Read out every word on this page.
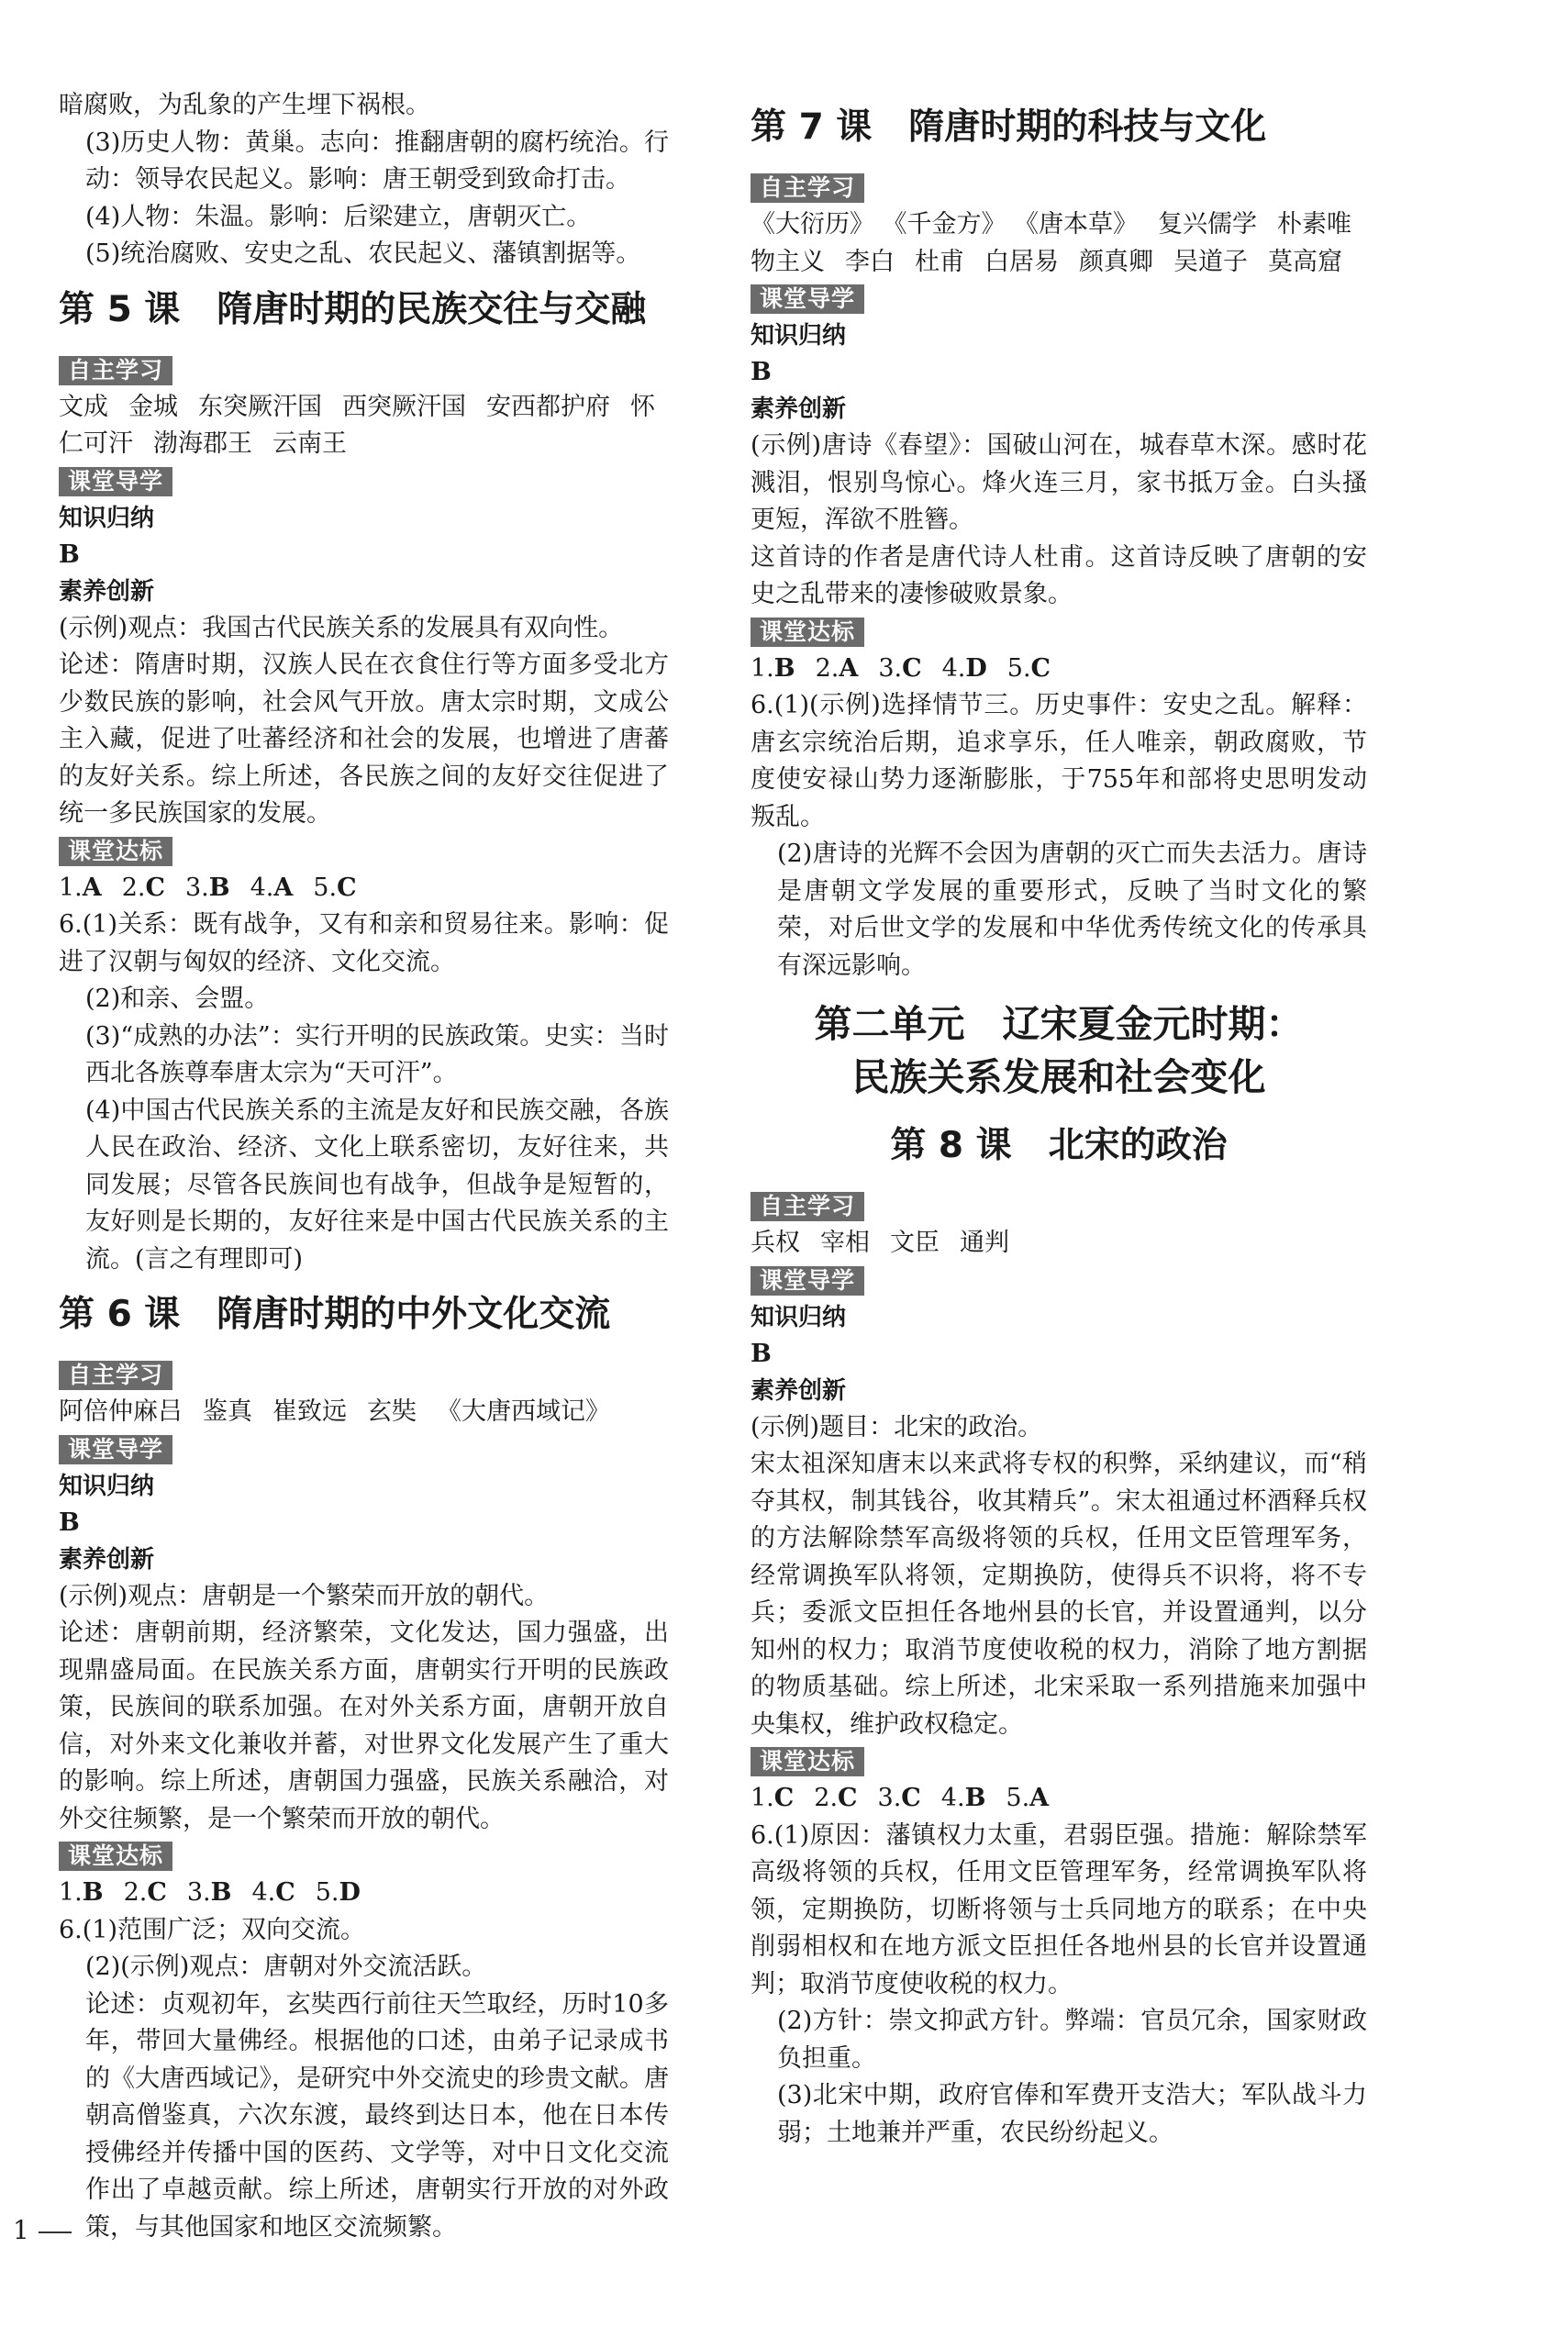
暗腐败，为乱象的产生埋下祸根。

(3)历史人物：黄巢。志向：推翻唐朝的腐朽统治。行动：领导农民起义。影响：唐王朝受到致命打击。

(4)人物：朱温。影响：后梁建立，唐朝灭亡。

(5)统治腐败、安史之乱、农民起义、藩镇割据等。

第 5 课 隋唐时期的民族交往与交融
自主学习
文成 金城 东突厥汗国 西突厥汗国 安西都护府 怀仁可汗 渤海郡王 云南王
课堂导学
知识归纳
B
素养创新

(示例)观点：我国古代民族关系的发展具有双向性。

论述：隋唐时期，汉族人民在衣食住行等方面多受北方少数民族的影响，社会风气开放。唐太宗时期，文成公主入藏，促进了吐蕃经济和社会的发展，也增进了唐蕃的友好关系。综上所述，各民族之间的友好交往促进了统一多民族国家的发展。

课堂达标
1.A 2.C 3.B 4.A 5.C

6.(1)关系：既有战争，又有和亲和贸易往来。影响：促进了汉朝与匈奴的经济、文化交流。

(2)和亲、会盟。

(3)“成熟的办法”：实行开明的民族政策。史实：当时西北各族尊奉唐太宗为“天可汗”。

(4)中国古代民族关系的主流是友好和民族交融，各族人民在政治、经济、文化上联系密切，友好往来，共同发展；尽管各民族间也有战争，但战争是短暂的，友好则是长期的，友好往来是中国古代民族关系的主流。(言之有理即可)

第 6 课 隋唐时期的中外文化交流
自主学习
阿倍仲麻吕 鉴真 崔致远 玄奘 《大唐西域记》
课堂导学
知识归纳
B
素养创新

(示例)观点：唐朝是一个繁荣而开放的朝代。

论述：唐朝前期，经济繁荣，文化发达，国力强盛，出现鼎盛局面。在民族关系方面，唐朝实行开明的民族政策，民族间的联系加强。在对外关系方面，唐朝开放自信，对外来文化兼收并蓄，对世界文化发展产生了重大的影响。综上所述，唐朝国力强盛，民族关系融洽，对外交往频繁，是一个繁荣而开放的朝代。

课堂达标
1.B 2.C 3.B 4.C 5.D

6.(1)范围广泛；双向交流。

(2)(示例)观点：唐朝对外交流活跃。

论述：贞观初年，玄奘西行前往天竺取经，历时10多年，带回大量佛经。根据他的口述，由弟子记录成书的《大唐西域记》，是研究中外交流史的珍贵文献。唐朝高僧鉴真，六次东渡，最终到达日本，他在日本传授佛经并传播中国的医药、文学等，对中日文化交流作出了卓越贡献。综上所述，唐朝实行开放的对外政策，与其他国家和地区交流频繁。

第 7 课 隋唐时期的科技与文化
自主学习
《大衍历》 《千金方》 《唐本草》 复兴儒学 朴素唯物主义 李白 杜甫 白居易 颜真卿 吴道子 莫高窟
课堂导学
知识归纳
B
素养创新

(示例)唐诗《春望》：国破山河在，城春草木深。感时花溅泪，恨别鸟惊心。烽火连三月，家书抵万金。白头搔更短，浑欲不胜簪。

这首诗的作者是唐代诗人杜甫。这首诗反映了唐朝的安史之乱带来的凄惨破败景象。

课堂达标
1.B 2.A 3.C 4.D 5.C

6.(1)(示例)选择情节三。历史事件：安史之乱。解释：唐玄宗统治后期，追求享乐，任人唯亲，朝政腐败，节度使安禄山势力逐渐膨胀，于755年和部将史思明发动叛乱。

(2)唐诗的光辉不会因为唐朝的灭亡而失去活力。唐诗是唐朝文学发展的重要形式，反映了当时文化的繁荣，对后世文学的发展和中华优秀传统文化的传承具有深远影响。

第二单元　辽宋夏金元时期：
民族关系发展和社会变化
第 8 课 北宋的政治
自主学习
兵权 宰相 文臣 通判
课堂导学
知识归纳
B
素养创新

(示例)题目：北宋的政治。

宋太祖深知唐末以来武将专权的积弊，采纳建议，而“稍夺其权，制其钱谷，收其精兵”。宋太祖通过杯酒释兵权的方法解除禁军高级将领的兵权，任用文臣管理军务，经常调换军队将领，定期换防，使得兵不识将，将不专兵；委派文臣担任各地州县的长官，并设置通判，以分知州的权力；取消节度使收税的权力，消除了地方割据的物质基础。综上所述，北宋采取一系列措施来加强中央集权，维护政权稳定。

课堂达标
1.C 2.C 3.C 4.B 5.A

6.(1)原因：藩镇权力太重，君弱臣强。措施：解除禁军高级将领的兵权，任用文臣管理军务，经常调换军队将领，定期换防，切断将领与士兵同地方的联系；在中央削弱相权和在地方派文臣担任各地州县的长官并设置通判；取消节度使收税的权力。

(2)方针：崇文抑武方针。弊端：官员冗余，国家财政负担重。

(3)北宋中期，政府官俸和军费开支浩大；军队战斗力弱；土地兼并严重，农民纷纷起义。

1
